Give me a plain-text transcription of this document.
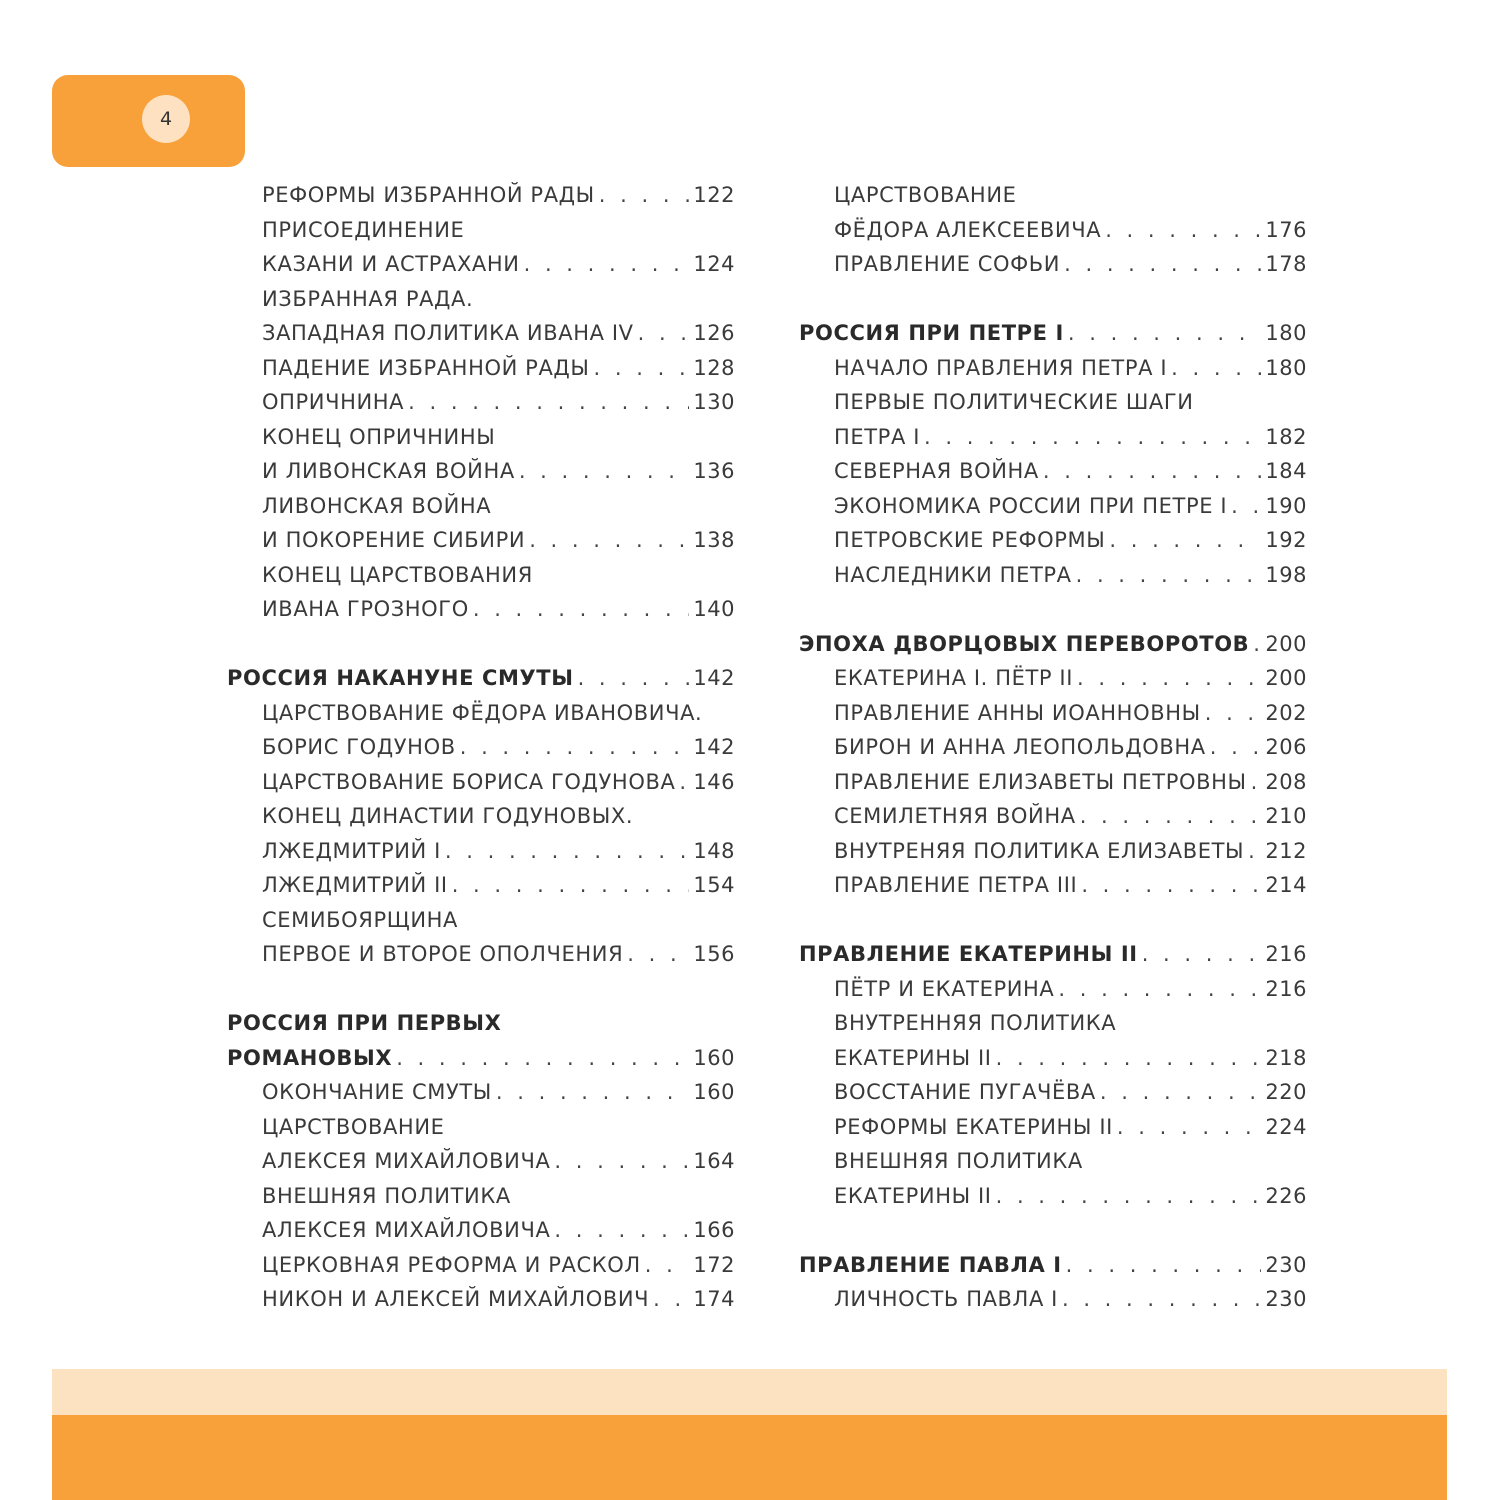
4
РЕФОРМЫ ИЗБРАННОЙ РАДЫ . . .	122
ПРИСОЕДИНЕНИЕ
КАЗАНИ И АСТРАХАНИ . . .	124
ИЗБРАННАЯ РАДА.
ЗАПАДНАЯ ПОЛИТИКА ИВАНА IV . . .	126
ПАДЕНИЕ ИЗБРАННОЙ РАДЫ . . .	128
ОПРИЧНИНА . . .	130
КОНЕЦ ОПРИЧНИНЫ
И ЛИВОНСКАЯ ВОЙНА . . .	136
ЛИВОНСКАЯ ВОЙНА
И ПОКОРЕНИЕ СИБИРИ . . .	138
КОНЕЦ ЦАРСТВОВАНИЯ
ИВАНА ГРОЗНОГО . . .	140
РОССИЯ НАКАНУНЕ СМУТЫ . . .	142
ЦАРСТВОВАНИЕ ФЁДОРА ИВАНОВИЧА.
БОРИС ГОДУНОВ . . .	142
ЦАРСТВОВАНИЕ БОРИСА ГОДУНОВА . . . 146
КОНЕЦ ДИНАСТИИ ГОДУНОВЫХ.
ЛЖЕДМИТРИЙ I . . .	148
ЛЖЕДМИТРИЙ II . . .	154
СЕМИБОЯРЩИНА
ПЕРВОЕ И ВТОРОЕ ОПОЛЧЕНИЯ . . .	156
РОССИЯ ПРИ ПЕРВЫХ
РОМАНОВЫХ . . .	160
ОКОНЧАНИЕ СМУТЫ . . .	160
ЦАРСТВОВАНИЕ
АЛЕКСЕЯ МИХАЙЛОВИЧА . . .	164
ВНЕШНЯЯ ПОЛИТИКА
АЛЕКСЕЯ МИХАЙЛОВИЧА . . .	166
ЦЕРКОВНАЯ РЕФОРМА И РАСКОЛ . . .	172
НИКОН И АЛЕКСЕЙ МИХАЙЛОВИЧ . . . 174
ЦАРСТВОВАНИЕ
ФЁДОРА АЛЕКСЕЕВИЧА . . .	176
ПРАВЛЕНИЕ СОФЬИ . . .	178
РОССИЯ ПРИ ПЕТРЕ I . . .	180
НАЧАЛО ПРАВЛЕНИЯ ПЕТРА I . . .	180
ПЕРВЫЕ ПОЛИТИЧЕСКИЕ ШАГИ
ПЕТРА I . . .	182
СЕВЕРНАЯ ВОЙНА . . .	184
ЭКОНОМИКА РОССИИ ПРИ ПЕТРЕ I . . . 190
ПЕТРОВСКИЕ РЕФОРМЫ . . .	192
НАСЛЕДНИКИ ПЕТРА . . .	198
ЭПОХА ДВОРЦОВЫХ ПЕРЕВОРОТОВ . . . 200
ЕКАТЕРИНА I. ПЁТР II . . .	200
ПРАВЛЕНИЕ АННЫ ИОАННОВНЫ . . .	202
БИРОН И АННА ЛЕОПОЛЬДОВНА . . .	206
ПРАВЛЕНИЕ ЕЛИЗАВЕТЫ ПЕТРОВНЫ . . . 208
СЕМИЛЕТНЯЯ ВОЙНА . . .	210
ВНУТРЕНЯЯ ПОЛИТИКА ЕЛИЗАВЕТЫ . . . 212
ПРАВЛЕНИЕ ПЕТРА III . . .	214
ПРАВЛЕНИЕ ЕКАТЕРИНЫ II . . .	216
ПЁТР И ЕКАТЕРИНА . . .	216
ВНУТРЕННЯЯ ПОЛИТИКА
ЕКАТЕРИНЫ II . . .	218
ВОССТАНИЕ ПУГАЧЁВА . . .	220
РЕФОРМЫ ЕКАТЕРИНЫ II . . .	224
ВНЕШНЯЯ ПОЛИТИКА
ЕКАТЕРИНЫ II . . .	226
ПРАВЛЕНИЕ ПАВЛА I . . .	230
ЛИЧНОСТЬ ПАВЛА I . . .	230
